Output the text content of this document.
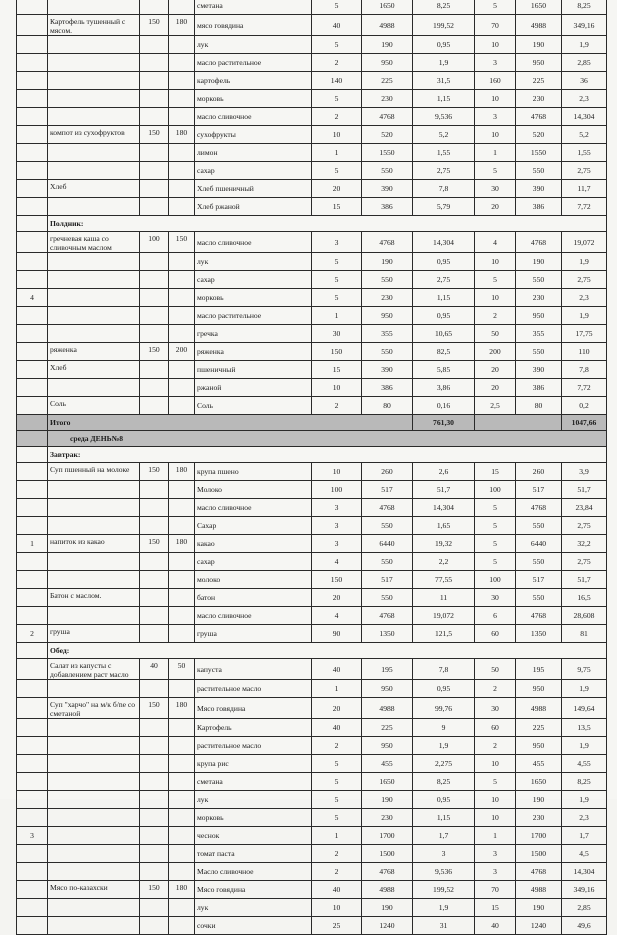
				сметана	5	1650	8,25	5	1650	8,25
	Картофель тушенный с мясом.	150	180	мясо говядина	40	4988	199,52	70	4988	349,16
				лук	5	190	0,95	10	190	1,9
				масло растительное	2	950	1,9	3	950	2,85
				картофель	140	225	31,5	160	225	36
				морковь	5	230	1,15	10	230	2,3
				масло сливочное	2	4768	9,536	3	4768	14,304
	компот из сухофруктов	150	180	сухофрукты	10	520	5,2	10	520	5,2
				лимон	1	1550	1,55	1	1550	1,55
				сахар	5	550	2,75	5	550	2,75
	Хлеб			Хлеб пшеничный	20	390	7,8	30	390	11,7
				Хлеб ржаной	15	386	5,79	20	386	7,72
	Полдник:									
	гречневая каша со сливочным маслом	100	150	масло сливочное	3	4768	14,304	4	4768	19,072
				лук	5	190	0,95	10	190	1,9
				сахар	5	550	2,75	5	550	2,75
4				морковь	5	230	1,15	10	230	2,3
				масло растительное	1	950	0,95	2	950	1,9
				гречка	30	355	10,65	50	355	17,75
	ряженка	150	200	ряженка	150	550	82,5	200	550	110
	Хлеб			пшеничный	15	390	5,85	20	390	7,8
				ржаной	10	386	3,86	20	386	7,72
	Соль			Соль	2	80	0,16	2,5	80	0,2
	Итого						761,30			1047,66
	среда ДЕНЬ№8									
	Завтрак:									
	Суп пшенный на молоке	150	180	крупа пшено	10	260	2,6	15	260	3,9
				Молоко	100	517	51,7	100	517	51,7
				масло сливочное	3	4768	14,304	5	4768	23,84
				Сахар	3	550	1,65	5	550	2,75
1	напиток из какао	150	180	какао	3	6440	19,32	5	6440	32,2
				сахар	4	550	2,2	5	550	2,75
				молоко	150	517	77,55	100	517	51,7
	Батон с маслом.			батон	20	550	11	30	550	16,5
				масло сливочное	4	4768	19,072	6	4768	28,608
2	груша			груша	90	1350	121,5	60	1350	81
	Обед:									
	Салат из капусты с добавлением раст масло	40	50	капуста	40	195	7,8	50	195	9,75
				растительное масло	1	950	0,95	2	950	1,9
	Суп "харчо" на м/к б/ne со сметаной	150	180	Мясо говядина	20	4988	99,76	30	4988	149,64
				Картофель	40	225	9	60	225	13,5
				растительное масло	2	950	1,9	2	950	1,9
				крупа рис	5	455	2,275	10	455	4,55
				сметана	5	1650	8,25	5	1650	8,25
				лук	5	190	0,95	10	190	1,9
				морковь	5	230	1,15	10	230	2,3
3				чеснок	1	1700	1,7	1	1700	1,7
				томат паста	2	1500	3	3	1500	4,5
				Масло сливочное	2	4768	9,536	3	4768	14,304
	Мясо по-казахски	150	180	Мясо говядина	40	4988	199,52	70	4988	349,16
				лук	10	190	1,9	15	190	2,85
				сочки	25	1240	31	40	1240	49,6
